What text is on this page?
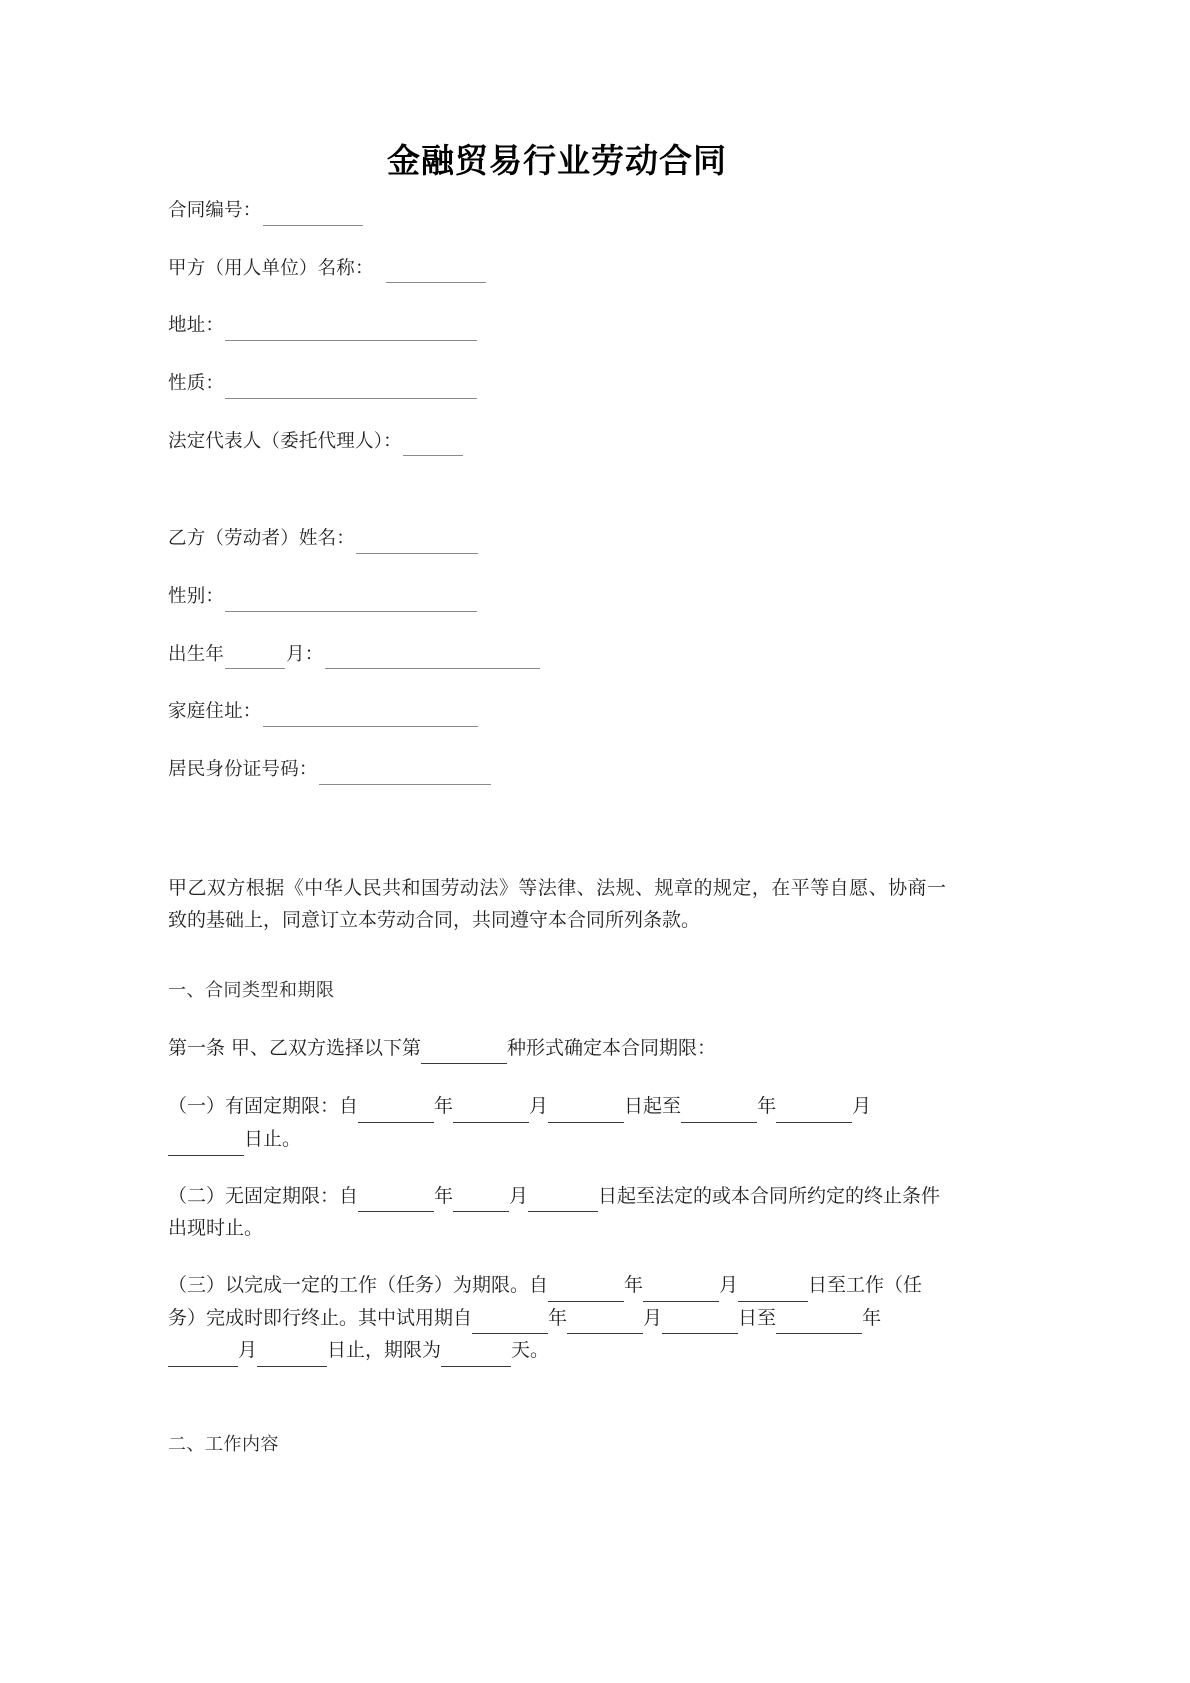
金融贸易行业劳动合同
合同编号：
甲方（用人单位）名称：
地址：
性质：
法定代表人（委托代理人）：
乙方（劳动者）姓名：
性别：
出生年	月：
家庭住址：
居民身份证号码：

甲乙双方根据《中华人民共和国劳动法》等法律、法规、规章的规定，在平等自愿、协商一致的基础上，同意订立本劳动合同，共同遵守本合同所列条款。

一、合同类型和期限
第一条 甲、乙双方选择以下第	种形式确定本合同期限：
（一）有固定期限：自	年	月	日起至	年	月日止。
（二）无固定期限：自	年	月	日起至法定的或本合同所约定的终止条件出现时止。
（三）以完成一定的工作（任务）为期限。自	年	月	日至工作（任务）完成时即行终止。其中试用期自	年	月	日至	年月	日止，期限为	天。
二、工作内容
